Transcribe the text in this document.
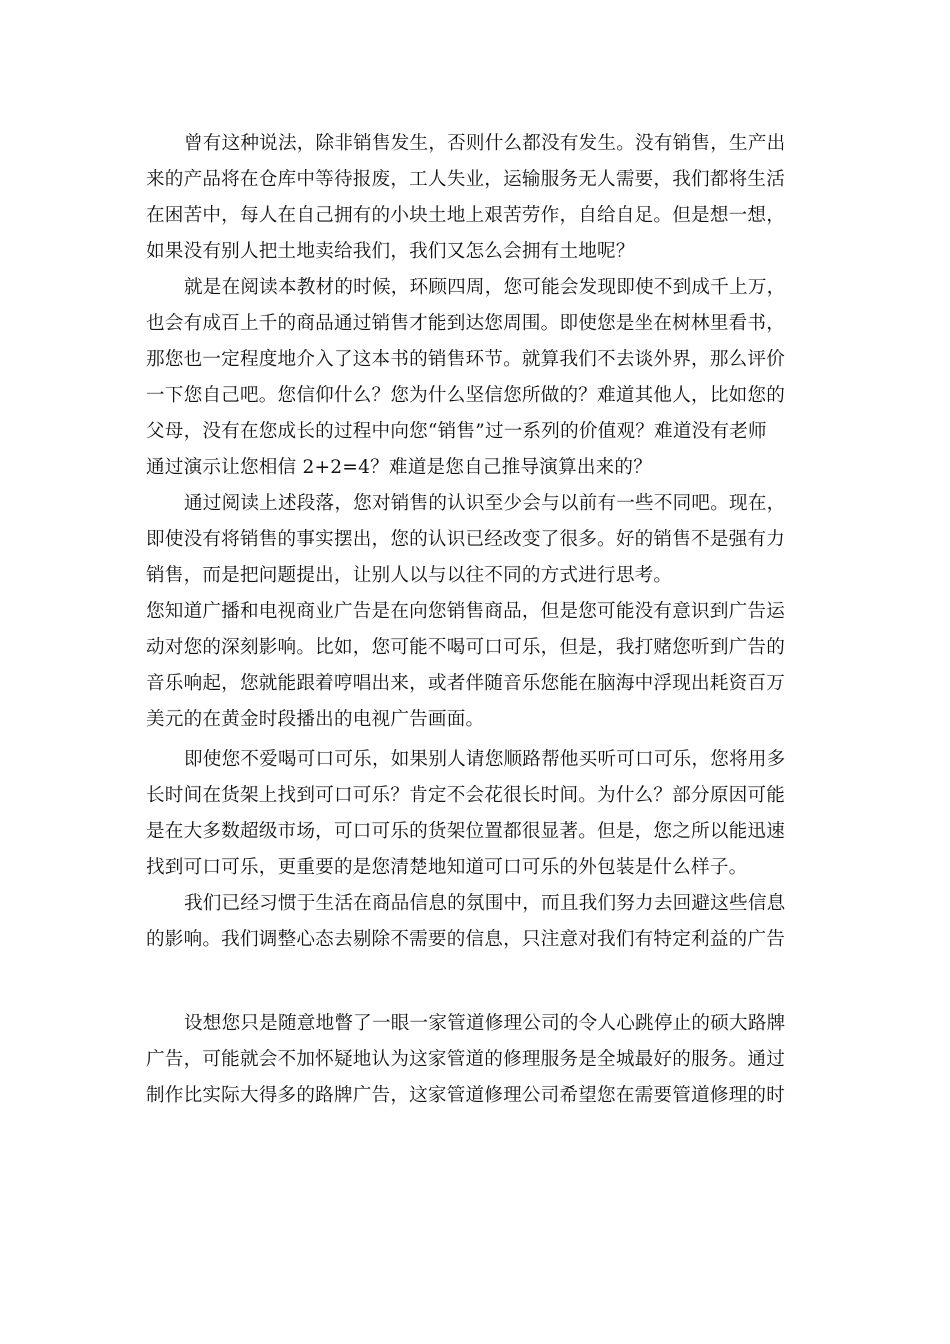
曾有这种说法，除非销售发生，否则什么都没有发生。没有销售，生产出
来的产品将在仓库中等待报废，工人失业，运输服务无人需要，我们都将生活
在困苦中，每人在自己拥有的小块土地上艰苦劳作，自给自足。但是想一想，
如果没有别人把土地卖给我们，我们又怎么会拥有土地呢？
就是在阅读本教材的时候，环顾四周，您可能会发现即使不到成千上万，
也会有成百上千的商品通过销售才能到达您周围。即使您是坐在树林里看书，
那您也一定程度地介入了这本书的销售环节。就算我们不去谈外界，那么评价
一下您自己吧。您信仰什么？您为什么坚信您所做的？难道其他人，比如您的
父母，没有在您成长的过程中向您“销售”过一系列的价值观？难道没有老师
通过演示让您相信 2+2=4？难道是您自己推导演算出来的？
通过阅读上述段落，您对销售的认识至少会与以前有一些不同吧。现在，
即使没有将销售的事实摆出，您的认识已经改变了很多。好的销售不是强有力
销售，而是把问题提出，让别人以与以往不同的方式进行思考。
您知道广播和电视商业广告是在向您销售商品，但是您可能没有意识到广告运
动对您的深刻影响。比如，您可能不喝可口可乐，但是，我打赌您听到广告的
音乐响起，您就能跟着哼唱出来，或者伴随音乐您能在脑海中浮现出耗资百万
美元的在黄金时段播出的电视广告画面。
即使您不爱喝可口可乐，如果别人请您顺路帮他买听可口可乐，您将用多
长时间在货架上找到可口可乐？肯定不会花很长时间。为什么？部分原因可能
是在大多数超级市场，可口可乐的货架位置都很显著。但是，您之所以能迅速
找到可口可乐，更重要的是您清楚地知道可口可乐的外包装是什么样子。
我们已经习惯于生活在商品信息的氛围中，而且我们努力去回避这些信息
的影响。我们调整心态去剔除不需要的信息，只注意对我们有特定利益的广告
设想您只是随意地瞥了一眼一家管道修理公司的令人心跳停止的硕大路牌
广告，可能就会不加怀疑地认为这家管道的修理服务是全城最好的服务。通过
制作比实际大得多的路牌广告，这家管道修理公司希望您在需要管道修理的时
